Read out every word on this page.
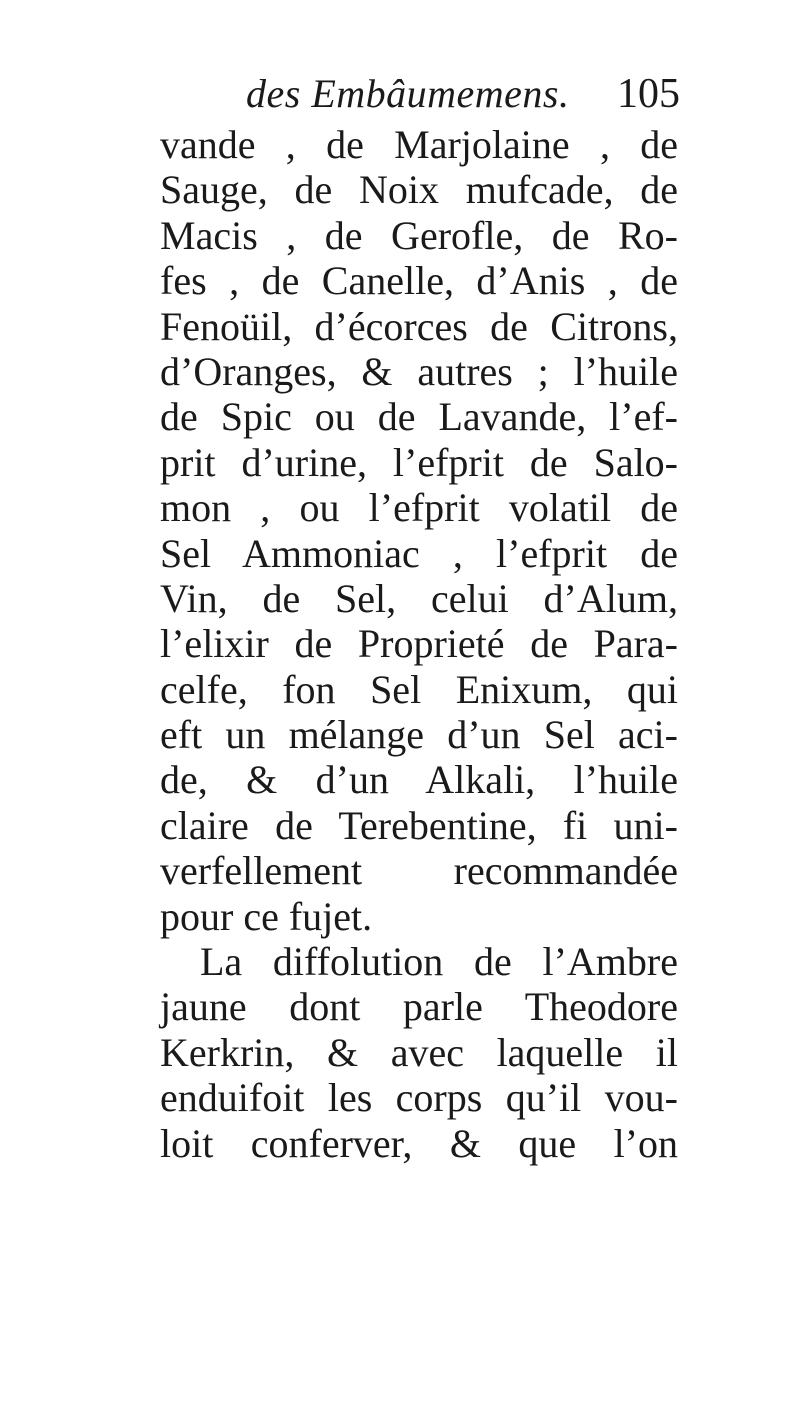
des Embâumemens. 105
vande , de Marjolaine , de
Sauge, de Noix mufcade, de
Macis , de Gerofle, de Ro-
fes , de Canelle, d’Anis , de
Fenoüil, d’écorces de Citrons,
d’Oranges, & autres ; l’huile
de Spic ou de Lavande, l’ef-
prit d’urine, l’efprit de Salo-
mon , ou l’efprit volatil de
Sel Ammoniac , l’efprit de
Vin, de Sel, celui d’Alum,
l’elixir de Proprieté de Para-
celfe, fon Sel Enixum, qui
eft un mélange d’un Sel aci-
de, & d’un Alkali, l’huile
claire de Terebentine, fi uni-
verfellement recommandée
pour ce fujet.
La diffolution de l’Ambre
jaune dont parle Theodore
Kerkrin, & avec laquelle il
enduifoit les corps qu’il vou-
loit conferver, & que l’on
